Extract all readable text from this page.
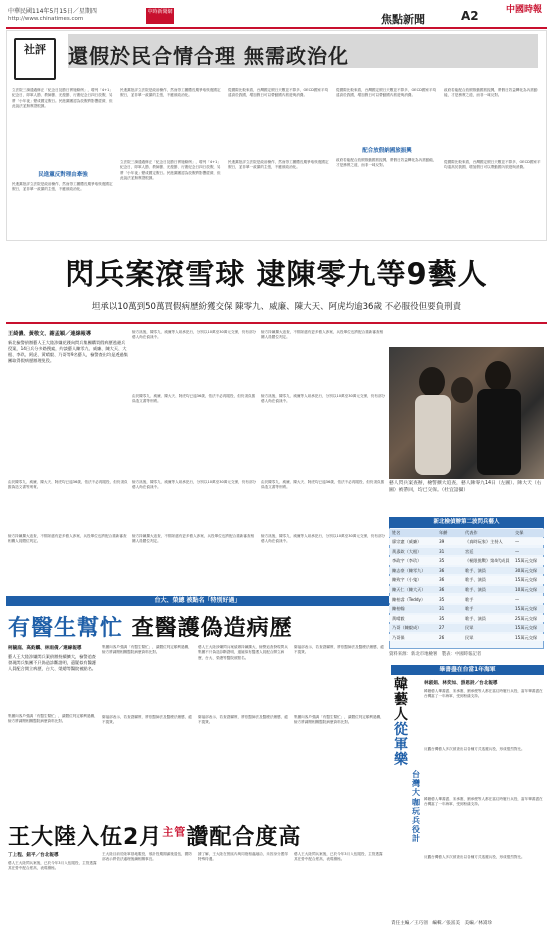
中華民國114年5月15日／星期四
http://www.chinatimes.com
中時新聞網
焦點新聞	A2	中國時報
社評	還假於民合情合理 無需政治化
立法院三讀通過修正「紀念日及節日實施條例」，增列「4+1」紀念日，即軍人節、教師節、光復節、行憲紀念日四日放假，另將「小年夜」變成國定假日。民進黨團認為放假將影響經濟，但此說法並無實證根據。
民進黨反對理由牽強
民進黨批評立法院是政治操作，然而勞工團體長期爭取恢復國定假日，並非單一政黨的主張，不應被政治化。
民進黨批評立法院是政治操作，然而勞工團體長期爭取恢復國定假日，並非單一政黨的主張，不應被政治化。
立法院三讀通過修正「紀念日及節日實施條例」，增列「4+1」紀念日，即軍人節、教師節、光復節、行憲紀念日四日放假，另將「小年夜」變成國定假日。民進黨團認為放假將影響經濟，但此說法並無實證根據。
從國際比較來看，台灣國定假日天數並不算多，OECD國家平均遠高於我國，增加假日可以帶動國內旅遊與消費。
民進黨批評立法院是政治操作，然而勞工團體長期爭取恢復國定假日，並非單一政黨的主張，不應被政治化。
從國際比較來看，台灣國定假日天數並不算多，OECD國家平均遠高於我國，增加假日可以帶動國內旅遊與消費。
配合放假納國旅振興
政府若能配合放假推動國旅振興，將假日效益轉化為內需動能，才是務實之道，而非一味反對。
政府若能配合放假推動國旅振興，將假日效益轉化為內需動能，才是務實之道，而非一味反對。
從國際比較來看，台灣國定假日天數並不算多，OECD國家平均遠高於我國，增加假日可以帶動國內旅遊與消費。
閃兵案滾雪球 逮陳零九等9藝人
坦承以10萬到50萬買假病歷紛獲交保 陳零九、威廉、陳大天、阿虎均逾36歲 不必服役但要負刑責
王綺儂、黃敬文、謝孟穎／連線報導
新北檢警偵辦藝人王大陸涉嫌花錢向閃兵集團購買假病歷逃避兵役案，14日兵分多路搜索，約談藝人陳零九、威廉、陳大天、大根、李玖、阿虎、黃晴毅、乃哥等9名藝人，檢警查出均是透過集團取得假病歷辦理免役。
檢方訊後，陳零九、威廉等人坦承犯行，分別以10萬至30萬元交保，仍有部分藝人尚在偵訊中。
由於陳零九、威廉、陳大天、阿虎均已逾36歲，依法不必再服役，但仍須負擔偽造文書等刑責。
檢方持續擴大追查，不排除還有更多藝人涉案，兵役單位也將配合重新審查相關人員體位判定。
檢方訊後，陳零九、威廉等人坦承犯行，分別以10萬至30萬元交保，仍有部分藝人尚在偵訊中。
由於陳零九、威廉、陳大天、阿虎均已逾36歲，依法不必再服役，但仍須負擔偽造文書等刑責。
檢方持續擴大追查，不排除還有更多藝人涉案，兵役單位也將配合重新審查相關人員體位判定。
檢方訊後，陳零九、威廉等人坦承犯行，分別以10萬至30萬元交保，仍有部分藝人尚在偵訊中。
檢方持續擴大追查，不排除還有更多藝人涉案，兵役單位也將配合重新審查相關人員體位判定。
由於陳零九、威廉、陳大天、阿虎均已逾36歲，依法不必再服役，但仍須負擔偽造文書等刑責。
檢方訊後，陳零九、威廉等人坦承犯行，分別以10萬至30萬元交保，仍有部分藝人尚在偵訊中。
藝人閃兵案查辦，檢警擴大追查，藝人陳零九14日（左圖）、陳大天（右圖）被帶回，均已交保。（杜宜諳攝）
新北檢偵辦第二波閃兵藝人
姓名	年齡	代表作	交保
廖宗憲（威廉）	39	《真時玩家》主持人	—
黃彥欽（大根）	31	宮廷	—
李政宇（李玖）	35	《極限挑戰》第4代成員 15萬元交保
陳志豪（陳零九）	36	歌手、演員	30萬元交保
陳致宇（小鬼）	36	歌手、演員	15萬元交保
陳天仁（陳大天）	36	歌手、演員	10萬元交保
陳柏睿（Teddy）	35	歌手	—
陳柏翰	31	歌手	15萬元交保
黃晴毅	35	歌手、演員	25萬元交保
乃哥（陳毅成）	27	民眾	15萬元交保
乃哥保	26	民眾	15萬元交保
資料來源：新北市地檢署　製表：中國時報記者
台大、榮總 被點名「特別好過」
有醫生幫忙 查醫護偽造病歷
柯毓庭、高鈞麟、林雨倩／連線報導
藝人王大陸涉嫌閃兵案偵辦持續擴大，檢警追查發現閃兵集團不只偽造診斷證明，還疑似有醫護人員配合開立病歷，台大、榮總等醫院被點名。
集團向客戶強調「有醫生幫忙」，讓體位判定順利過關，檢方將調閱相關醫院病歷資料比對。
集團向客戶強調「有醫生幫忙」，讓體位判定順利過關，檢方將調閱相關醫院病歷資料比對。
衛福部表示，若查證屬實，將依醫師法及醫療法嚴懲，絕不寬貸。
藝人王大陸涉嫌閃兵案偵辦持續擴大，檢警追查發現閃兵集團不只偽造診斷證明，還疑似有醫護人員配合開立病歷，台大、榮總等醫院被點名。
衛福部表示，若查證屬實，將依醫師法及醫療法嚴懲，絕不寬貸。
衛福部表示，若查證屬實，將依醫師法及醫療法嚴懲，絕不寬貸。
集團向客戶強調「有醫生幫忙」，讓體位判定順利過關，檢方將調閱相關醫院病歷資料比對。
畢書盡在台當1年海軍
韓
藝
人
從
軍
樂
台灣大咖玩兵役計
林淑娟、林奕如、游恩詩／台北報導
韓籍藝人畢書盡、宋承憲、劉承俊等人都在當紅時履行兵役，當年畢書盡在台灣當了一年海軍，受到粉絲支持。
反觀台灣藝人多次被查出以各種方式逃避兵役，形成強烈對比。
韓籍藝人畢書盡、宋承憲、劉承俊等人都在當紅時履行兵役，當年畢書盡在台灣當了一年海軍，受到粉絲支持。
反觀台灣藝人多次被查出以各種方式逃避兵役，形成強烈對比。
王大陸入伍2月$^{主管}$讚配合度高
丁上程、鈕平／台北報導
藝人王大陸閃兵案後，已於今年3月入伍服役，主管透露其在營中配合度高，表現積極。
王大陸目前於陸軍基地服役，預計役期期滿後退伍，國防部表示將依法處理後續相關事宜。
據了解，王大陸在營區內與同袍相處融洽，未因身分獲得特殊待遇。
藝人王大陸閃兵案後，已於今年3月入伍服役，主管透露其在營中配合度高，表現積極。
責任主編／王巧翎　編輯／張富美　美編／林嵩珍
